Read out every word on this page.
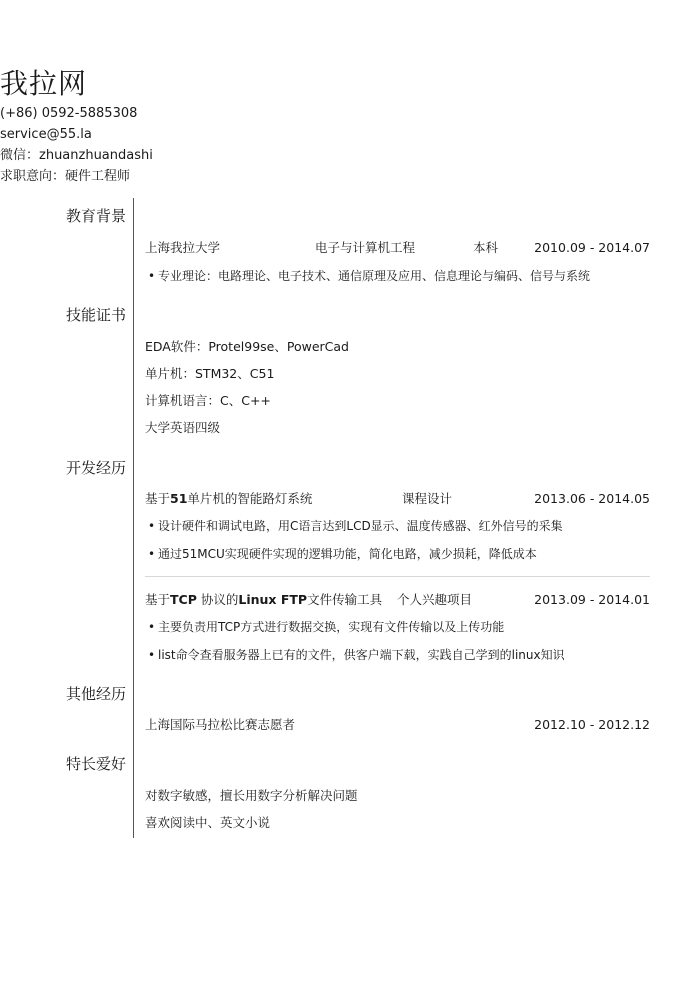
我拉网
(+86) 0592-5885308
service@55.la
微信：zhuanzhuandashi
求职意向：硬件工程师
教育背景
上海我拉大学	电子与计算机工程	本科	2010.09 - 2014.07
• 专业理论：电路理论、电子技术、通信原理及应用、信息理论与编码、信号与系统
技能证书
EDA软件：Protel99se、PowerCad
单片机：STM32、C51
计算机语言：C、C++
大学英语四级
开发经历
基于51单片机的智能路灯系统	课程设计	2013.06 - 2014.05
• 设计硬件和调试电路，用C语言达到LCD显示、温度传感器、红外信号的采集
• 通过51MCU实现硬件实现的逻辑功能，简化电路，减少损耗，降低成本
基于TCP 协议的Linux FTP文件传输工具 个人兴趣项目	2013.09 - 2014.01
• 主要负责用TCP方式进行数据交换，实现有文件传输以及上传功能
• list命令查看服务器上已有的文件，供客户端下载，实践自己学到的linux知识
其他经历
上海国际马拉松比赛志愿者	2012.10 - 2012.12
特长爱好
对数字敏感，擅长用数字分析解决问题
喜欢阅读中、英文小说
